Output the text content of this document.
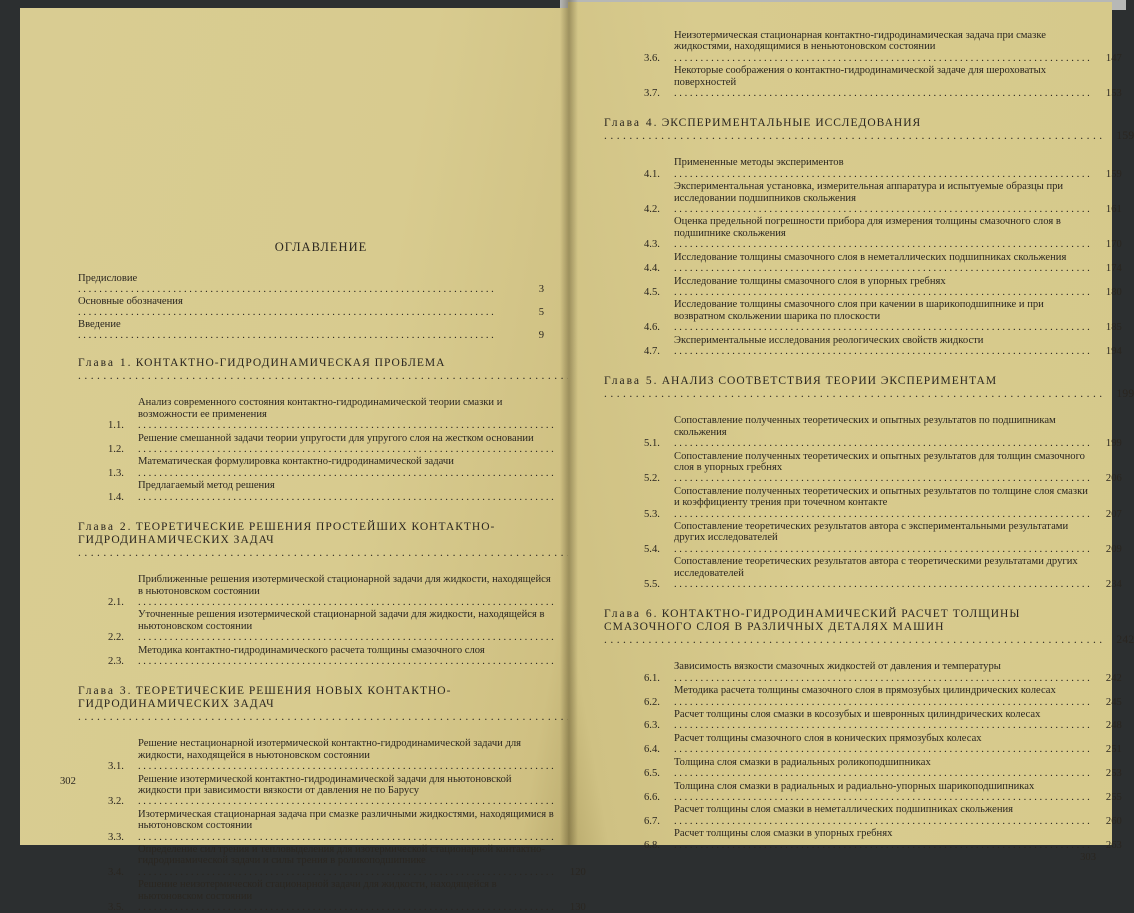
ОГЛАВЛЕНИЕ
Предисловие . . .
3
Основные обозначения . . .
5
Введение . . .
9
Глава 1. КОНТАКТНО-ГИДРОДИНАМИЧЕСКАЯ ПРОБЛЕМА . . .
1.1.
Анализ современного состояния контактно-гидродинамической теории смазки и возможности ее применения . . .
1.2.
Решение смешанной задачи теории упругости для упругого слоя на жестком основании . . .
1.3.
Математическая формулировка контактно-гидродинамической задачи . . .
1.4.
Предлагаемый метод решения . . .
Глава 2. ТЕОРЕТИЧЕСКИЕ РЕШЕНИЯ ПРОСТЕЙШИХ КОНТАКТНО-ГИДРОДИНАМИЧЕСКИХ ЗАДАЧ . . .
2.1.
Приближенные решения изотермической стационарной задачи для жидкости, находящейся в ньютоновском состоянии . . .
2.2.
Уточненные решения изотермической стационарной задачи для жидкости, находящейся в ньютоновском состоянии . . .
2.3.
Методика контактно-гидродинамического расчета толщины смазочного слоя . . .
Глава 3. ТЕОРЕТИЧЕСКИЕ РЕШЕНИЯ НОВЫХ КОНТАКТНО-ГИДРОДИНАМИЧЕСКИХ ЗАДАЧ . . .
3.1.
Решение нестационарной изотермической контактно-гидродинамической задачи для жидкости, находящейся в ньютоновском состоянии . . .
3.2.
Решение изотермической контактно-гидродинамической задачи для ньютоновской жидкости при зависимости вязкости от давления не по Барусу . . .
3.3.
Изотермическая стационарная задача при смазке различными жидкостями, находящимися в ньютоновском состоянии . . .
3.4.
Определение сил трения и тепловыделения для изотермической стационарной контактно-гидродинамической задачи и силы трения в роликоподшипнике . . .
120
3.5.
Решение неизотермической стационарной задачи для жидкости, находящейся в ньютоновском состоянии . . .
130
302
3.6.
Неизотермическая стационарная контактно-гидродинамическая задача при смазке жидкостями, находящимися в неньютоновском состоянии . . .
147
3.7.
Некоторые соображения о контактно-гидродинамической задаче для шероховатых поверхностей . . .
153
Глава 4. ЭКСПЕРИМЕНТАЛЬНЫЕ ИССЛЕДОВАНИЯ . . .
159
4.1.
Примененные методы экспериментов . . .
159
4.2.
Экспериментальная установка, измерительная аппаратура и испытуемые образцы при исследовании подшипников скольжения . . .
161
4.3.
Оценка предельной погрешности прибора для измерения толщины смазочного слоя в подшипнике скольжения . . .
170
4.4.
Исследование толщины смазочного слоя в неметаллических подшипниках скольжения . . .
174
4.5.
Исследование толщины смазочного слоя в упорных гребнях . . .
180
4.6.
Исследование толщины смазочного слоя при качении в шарикоподшипнике и при возвратном скольжении шарика по плоскости . . .
185
4.7.
Экспериментальные исследования реологических свойств жидкости . . .
194
Глава 5. АНАЛИЗ СООТВЕТСТВИЯ ТЕОРИИ ЭКСПЕРИМЕНТАМ . . .
199
5.1.
Сопоставление полученных теоретических и опытных результатов по подшипникам скольжения . . .
199
5.2.
Сопоставление полученных теоретических и опытных результатов для толщин смазочного слоя в упорных гребнях . . .
206
5.3.
Сопоставление полученных теоретических и опытных результатов по толщине слоя смазки и коэффициенту трения при точечном контакте . . .
207
5.4.
Сопоставление теоретических результатов автора с экспериментальными результатами других исследователей . . .
209
5.5.
Сопоставление теоретических результатов автора с теоретическими результатами других исследователей . . .
234
Глава 6. КОНТАКТНО-ГИДРОДИНАМИЧЕСКИЙ РАСЧЕТ ТОЛЩИНЫ СМАЗОЧНОГО СЛОЯ В РАЗЛИЧНЫХ ДЕТАЛЯХ МАШИН . . .
242
6.1.
Зависимость вязкости смазочных жидкостей от давления и температуры . . .
242
6.2.
Методика расчета толщины смазочного слоя в прямозубых цилиндрических колесах . . .
245
6.3.
Расчет толщины слоя смазки в косозубых и шевронных цилиндрических колесах . . .
248
6.4.
Расчет толщины смазочного слоя в конических прямозубых колесах . . .
251
6.5.
Толщина слоя смазки в радиальных роликоподшипниках . . .
253
6.6.
Толщина слоя смазки в радиальных и радиально-упорных шарикоподшипниках . . .
255
6.7.
Расчет толщины слоя смазки в неметаллических подшипниках скольжения . . .
260
6.8.
Расчет толщины слоя смазки в упорных гребнях . . .
263
303
